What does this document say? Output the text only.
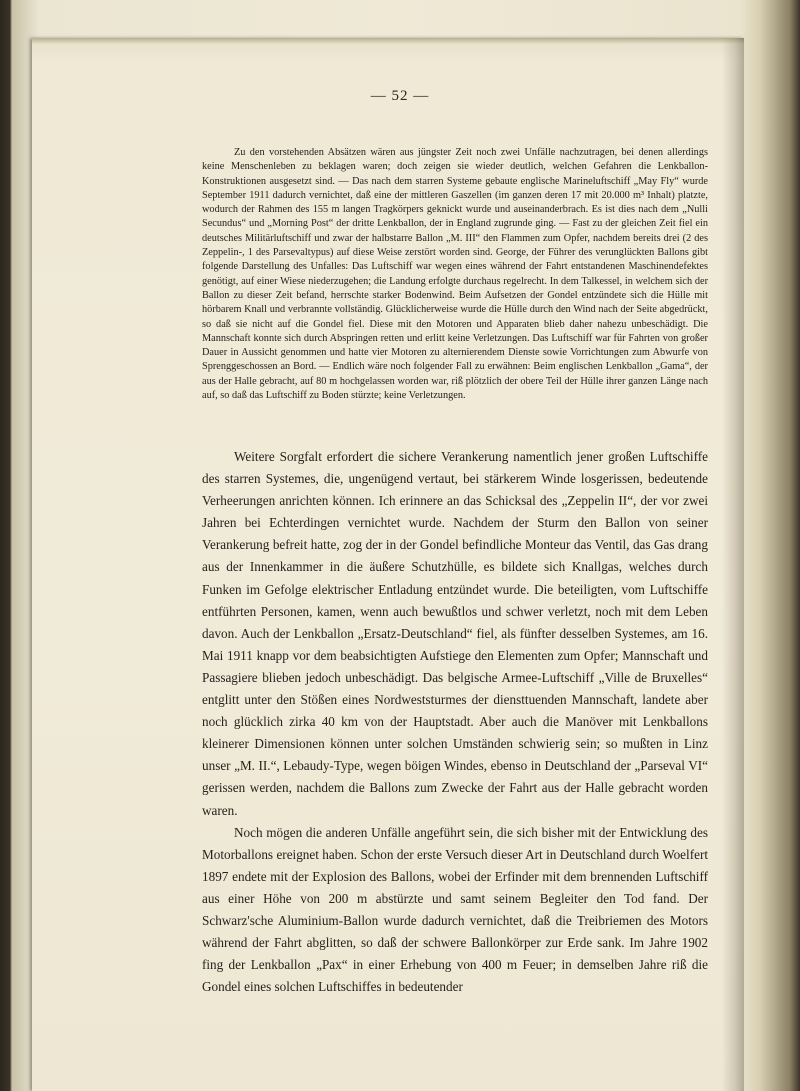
— 52 —

Zu den vorstehenden Absätzen wären aus jüngster Zeit noch zwei Unfälle nachzutragen, bei denen allerdings keine Menschenleben zu beklagen waren; doch zeigen sie wieder deutlich, welchen Gefahren die Lenkballon-Konstruktionen ausgesetzt sind. — Das nach dem starren Systeme gebaute englische Marineluftschiff „May Fly“ wurde September 1911 dadurch vernichtet, daß eine der mittleren Gaszellen (im ganzen deren 17 mit 20.000 m³ Inhalt) platzte, wodurch der Rahmen des 155 m langen Tragkörpers geknickt wurde und auseinanderbrach. Es ist dies nach dem „Nulli Secundus“ und „Morning Post“ der dritte Lenkballon, der in England zugrunde ging. — Fast zu der gleichen Zeit fiel ein deutsches Militärluftschiff und zwar der halbstarre Ballon „M. III“ den Flammen zum Opfer, nachdem bereits drei (2 des Zeppelin-, 1 des Parsevaltypus) auf diese Weise zerstört worden sind. George, der Führer des verunglückten Ballons gibt folgende Darstellung des Unfalles: Das Luftschiff war wegen eines während der Fahrt entstandenen Maschinendefektes genötigt, auf einer Wiese niederzugehen; die Landung erfolgte durchaus regelrecht. In dem Talkessel, in welchem sich der Ballon zu dieser Zeit befand, herrschte starker Bodenwind. Beim Aufsetzen der Gondel entzündete sich die Hülle mit hörbarem Knall und verbrannte vollständig. Glücklicherweise wurde die Hülle durch den Wind nach der Seite abgedrückt, so daß sie nicht auf die Gondel fiel. Diese mit den Motoren und Apparaten blieb daher nahezu unbeschädigt. Die Mannschaft konnte sich durch Abspringen retten und erlitt keine Verletzungen. Das Luftschiff war für Fahrten von großer Dauer in Aussicht genommen und hatte vier Motoren zu alternierendem Dienste sowie Vorrichtungen zum Abwurfe von Sprenggeschossen an Bord. — Endlich wäre noch folgender Fall zu erwähnen: Beim englischen Lenkballon „Gama“, der aus der Halle gebracht, auf 80 m hochgelassen worden war, riß plötzlich der obere Teil der Hülle ihrer ganzen Länge nach auf, so daß das Luftschiff zu Boden stürzte; keine Verletzungen.

Weitere Sorgfalt erfordert die sichere Verankerung namentlich jener großen Luftschiffe des starren Systemes, die, ungenügend vertaut, bei stärkerem Winde losgerissen, bedeutende Verheerungen anrichten können. Ich erinnere an das Schicksal des „Zeppelin II“, der vor zwei Jahren bei Echterdingen vernichtet wurde. Nachdem der Sturm den Ballon von seiner Verankerung befreit hatte, zog der in der Gondel befindliche Monteur das Ventil, das Gas drang aus der Innenkammer in die äußere Schutzhülle, es bildete sich Knallgas, welches durch Funken im Gefolge elektrischer Entladung entzündet wurde. Die beteiligten, vom Luftschiffe entführten Personen, kamen, wenn auch bewußtlos und schwer verletzt, noch mit dem Leben davon. Auch der Lenkballon „Ersatz-Deutschland“ fiel, als fünfter desselben Systemes, am 16. Mai 1911 knapp vor dem beabsichtigten Aufstiege den Elementen zum Opfer; Mannschaft und Passagiere blieben jedoch unbeschädigt. Das belgische Armee-Luftschiff „Ville de Bruxelles“ entglitt unter den Stößen eines Nordweststurmes der diensttuenden Mannschaft, landete aber noch glücklich zirka 40 km von der Hauptstadt. Aber auch die Manöver mit Lenkballons kleinerer Dimensionen können unter solchen Umständen schwierig sein; so mußten in Linz unser „M. II.“, Lebaudy-Type, wegen böigen Windes, ebenso in Deutschland der „Parseval VI“ gerissen werden, nachdem die Ballons zum Zwecke der Fahrt aus der Halle gebracht worden waren.

Noch mögen die anderen Unfälle angeführt sein, die sich bisher mit der Entwicklung des Motorballons ereignet haben. Schon der erste Versuch dieser Art in Deutschland durch Woelfert 1897 endete mit der Explosion des Ballons, wobei der Erfinder mit dem brennenden Luftschiff aus einer Höhe von 200 m abstürzte und samt seinem Begleiter den Tod fand. Der Schwarz'sche Aluminium-Ballon wurde dadurch vernichtet, daß die Treibriemen des Motors während der Fahrt abglitten, so daß der schwere Ballonkörper zur Erde sank. Im Jahre 1902 fing der Lenkballon „Pax“ in einer Erhebung von 400 m Feuer; in demselben Jahre riß die Gondel eines solchen Luftschiffes in bedeutender
